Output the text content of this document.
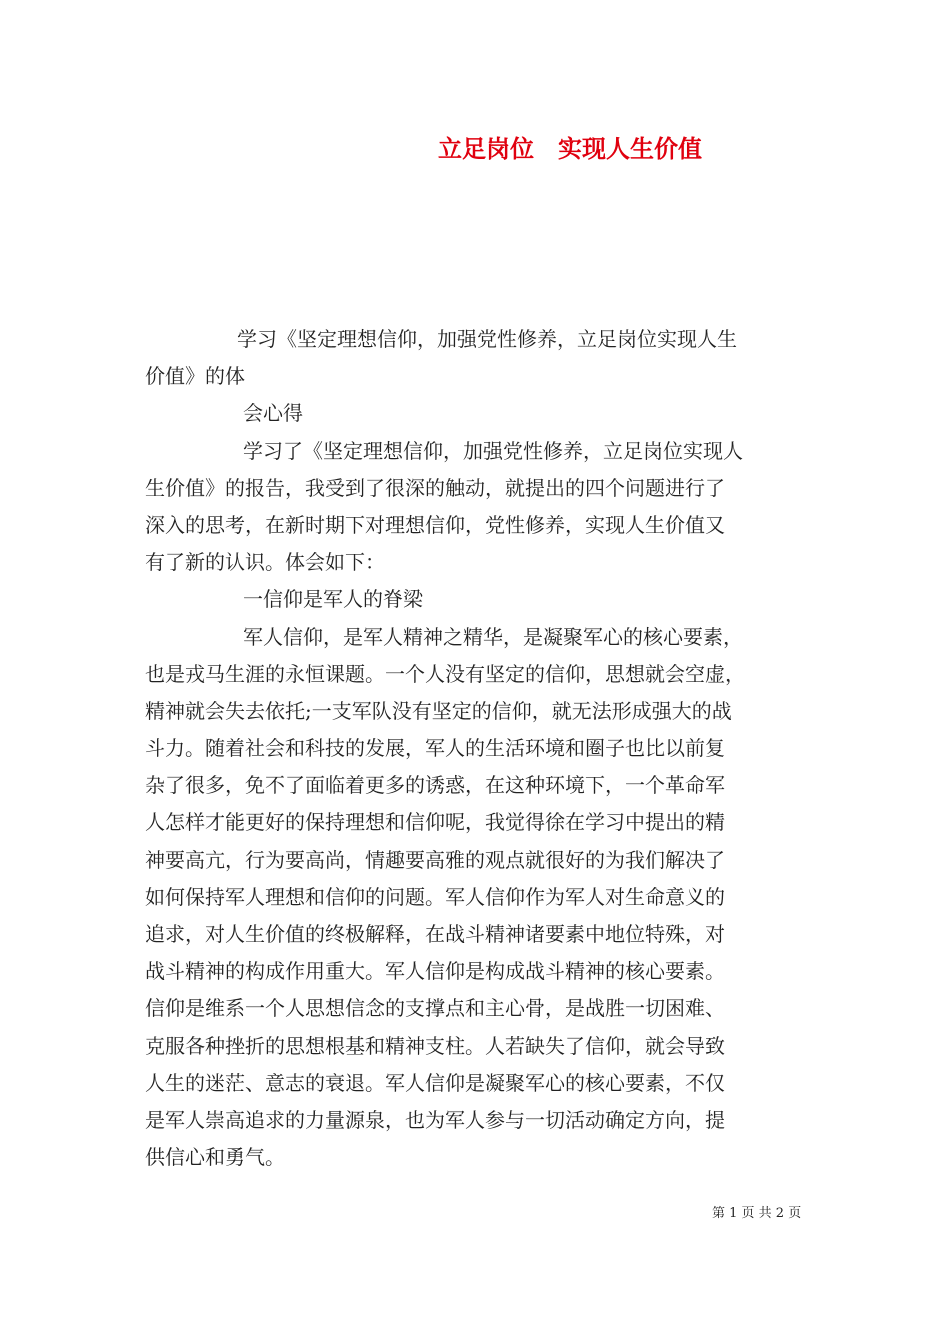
立足岗位　实现人生价值
学习《坚定理想信仰，加强党性修养，立足岗位实现人生
价值》的体
会心得
学习了《坚定理想信仰，加强党性修养，立足岗位实现人
生价值》的报告，我受到了很深的触动，就提出的四个问题进行了
深入的思考，在新时期下对理想信仰，党性修养，实现人生价值又
有了新的认识。体会如下：
一信仰是军人的脊梁
军人信仰，是军人精神之精华，是凝聚军心的核心要素，
也是戎马生涯的永恒课题。一个人没有坚定的信仰，思想就会空虚，
精神就会失去依托;一支军队没有坚定的信仰，就无法形成强大的战
斗力。随着社会和科技的发展，军人的生活环境和圈子也比以前复
杂了很多，免不了面临着更多的诱惑，在这种环境下，一个革命军
人怎样才能更好的保持理想和信仰呢，我觉得徐在学习中提出的精
神要高亢，行为要高尚，情趣要高雅的观点就很好的为我们解决了
如何保持军人理想和信仰的问题。军人信仰作为军人对生命意义的
追求，对人生价值的终极解释，在战斗精神诸要素中地位特殊，对
战斗精神的构成作用重大。军人信仰是构成战斗精神的核心要素。
信仰是维系一个人思想信念的支撑点和主心骨，是战胜一切困难、
克服各种挫折的思想根基和精神支柱。人若缺失了信仰，就会导致
人生的迷茫、意志的衰退。军人信仰是凝聚军心的核心要素，不仅
是军人崇高追求的力量源泉，也为军人参与一切活动确定方向，提
供信心和勇气。
第 1 页 共 2 页
